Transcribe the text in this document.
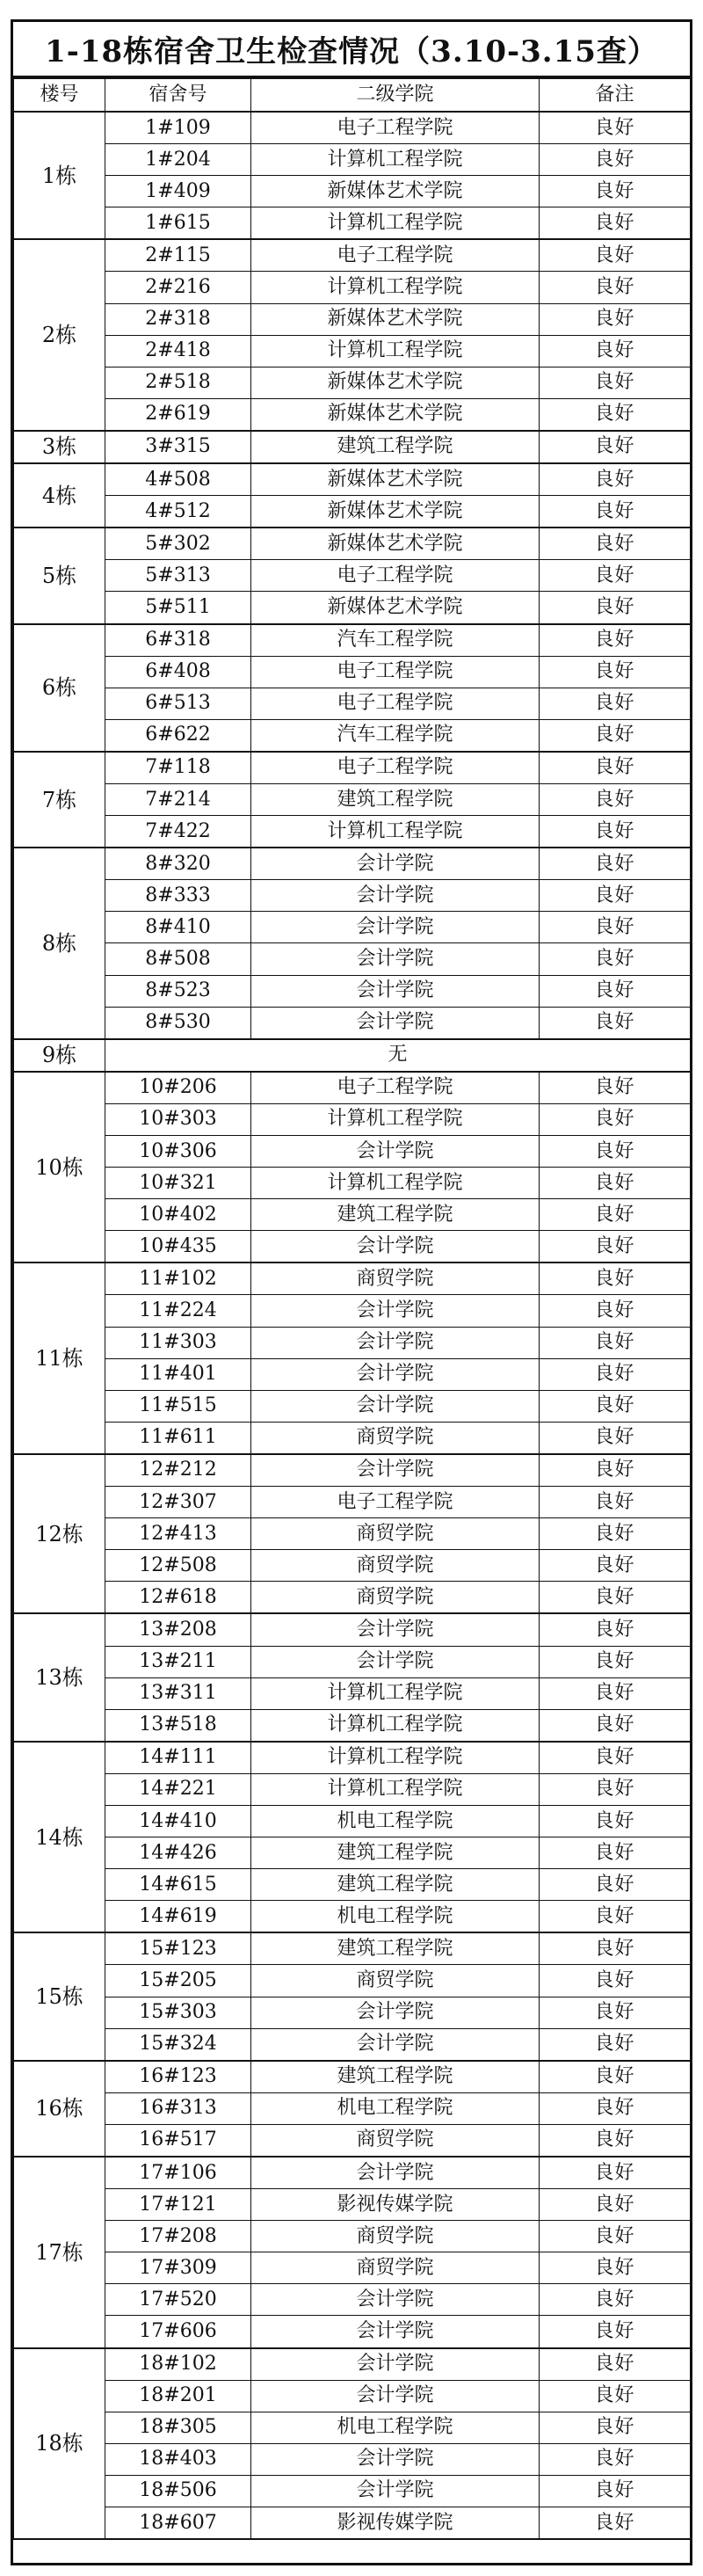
1-18栋宿舍卫生检查情况（3.10-3.15查）
楼号	宿舍号	二级学院	备注
1栋	1#109	电子工程学院	良好
	1#204	计算机工程学院	良好
	1#409	新媒体艺术学院	良好
	1#615	计算机工程学院	良好
2栋	2#115	电子工程学院	良好
	2#216	计算机工程学院	良好
	2#318	新媒体艺术学院	良好
	2#418	计算机工程学院	良好
	2#518	新媒体艺术学院	良好
	2#619	新媒体艺术学院	良好
3栋	3#315	建筑工程学院	良好
4栋	4#508	新媒体艺术学院	良好
	4#512	新媒体艺术学院	良好
5栋	5#302	新媒体艺术学院	良好
	5#313	电子工程学院	良好
	5#511	新媒体艺术学院	良好
6栋	6#318	汽车工程学院	良好
	6#408	电子工程学院	良好
	6#513	电子工程学院	良好
	6#622	汽车工程学院	良好
7栋	7#118	电子工程学院	良好
	7#214	建筑工程学院	良好
	7#422	计算机工程学院	良好
8栋	8#320	会计学院	良好
	8#333	会计学院	良好
	8#410	会计学院	良好
	8#508	会计学院	良好
	8#523	会计学院	良好
	8#530	会计学院	良好
9栋	无		
10栋	10#206	电子工程学院	良好
	10#303	计算机工程学院	良好
	10#306	会计学院	良好
	10#321	计算机工程学院	良好
	10#402	建筑工程学院	良好
	10#435	会计学院	良好
11栋	11#102	商贸学院	良好
	11#224	会计学院	良好
	11#303	会计学院	良好
	11#401	会计学院	良好
	11#515	会计学院	良好
	11#611	商贸学院	良好
12栋	12#212	会计学院	良好
	12#307	电子工程学院	良好
	12#413	商贸学院	良好
	12#508	商贸学院	良好
	12#618	商贸学院	良好
13栋	13#208	会计学院	良好
	13#211	会计学院	良好
	13#311	计算机工程学院	良好
	13#518	计算机工程学院	良好
14栋	14#111	计算机工程学院	良好
	14#221	计算机工程学院	良好
	14#410	机电工程学院	良好
	14#426	建筑工程学院	良好
	14#615	建筑工程学院	良好
	14#619	机电工程学院	良好
15栋	15#123	建筑工程学院	良好
	15#205	商贸学院	良好
	15#303	会计学院	良好
	15#324	会计学院	良好
16栋	16#123	建筑工程学院	良好
	16#313	机电工程学院	良好
	16#517	商贸学院	良好
17栋	17#106	会计学院	良好
	17#121	影视传媒学院	良好
	17#208	商贸学院	良好
	17#309	商贸学院	良好
	17#520	会计学院	良好
	17#606	会计学院	良好
18栋	18#102	会计学院	良好
	18#201	会计学院	良好
	18#305	机电工程学院	良好
	18#403	会计学院	良好
	18#506	会计学院	良好
	18#607	影视传媒学院	良好
